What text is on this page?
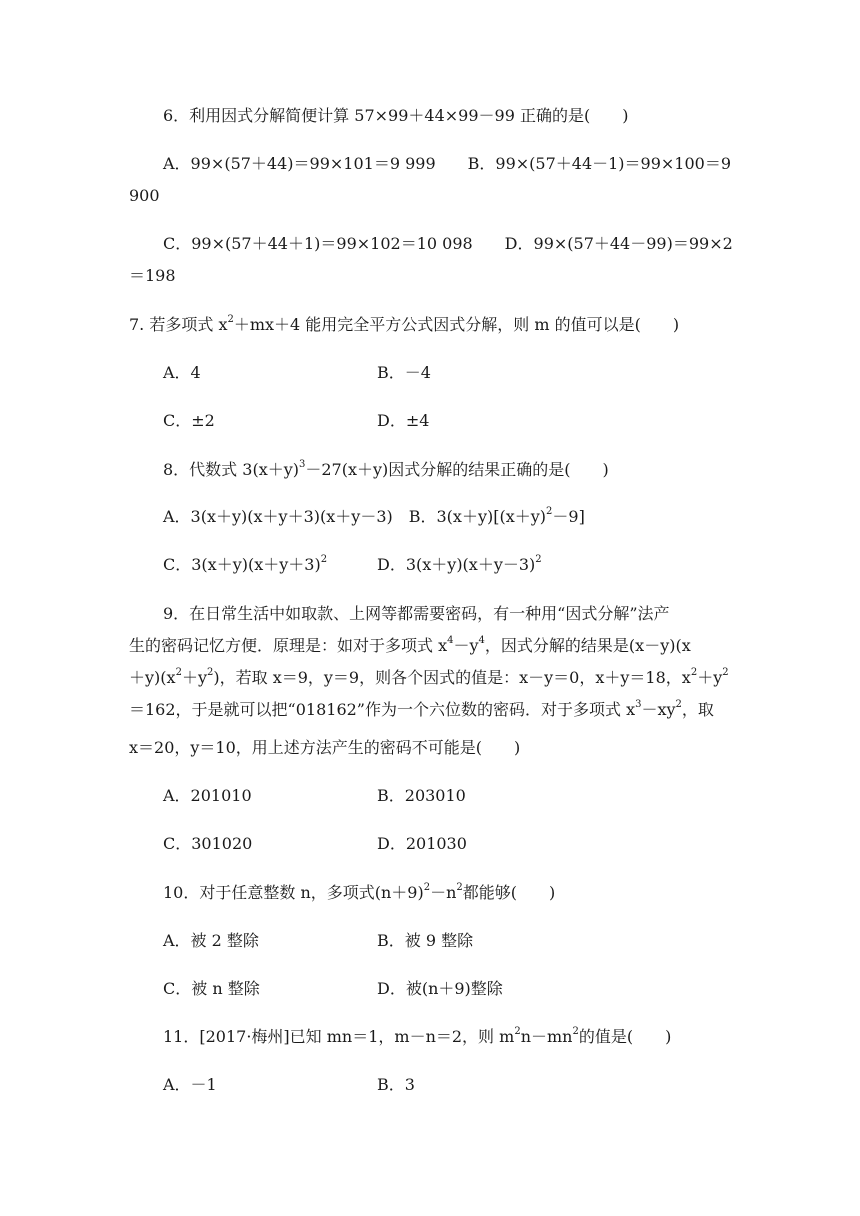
6．利用因式分解简便计算 57×99＋44×99－99 正确的是(　　)
A．99×(57＋44)＝99×101＝9 999　　B．99×(57＋44－1)＝99×100＝9
900
C．99×(57＋44＋1)＝99×102＝10 098　　D．99×(57＋44－99)＝99×2
＝198
7. 若多项式 $x^2+mx+4$ 能用完全平方公式因式分解，则 m 的值可以是(　　)
A．4	B．－4
C．±2	D．±4
8．代数式 $3(x+y)^3-27(x+y)$因式分解的结果正确的是(　　)
A．3(x＋y)(x＋y＋3)(x＋y－3)　B．$3(x+y)[(x+y)^2-9]$
C．$3(x+y)(x+y+3)^2$	D．$3(x+y)(x+y-3)^2$
9．在日常生活中如取款、上网等都需要密码，有一种用“因式分解”法产
生的密码记忆方便．原理是：如对于多项式 $x^4-y^4$，因式分解的结果是(x－y)(x
$+y)(x^2+y^2)$，若取 x＝9，y＝9，则各个因式的值是：x－y＝0，x＋y＝18，$x^2+y^2$
＝162，于是就可以把“018162”作为一个六位数的密码．对于多项式 $x^3-xy^2$，取
x＝20，y＝10，用上述方法产生的密码不可能是(　　)
A．201010	B．203010
C．301020	D．201030
10．对于任意整数 n，多项式$(n+9)^2-n^2$都能够(　　)
A．被 2 整除	B．被 9 整除
C．被 n 整除	D．被(n＋9)整除
11．[2017·梅州]已知 mn＝1，m－n＝2，则 $m^2n-mn^2$的值是(　　)
A．－1	B．3
